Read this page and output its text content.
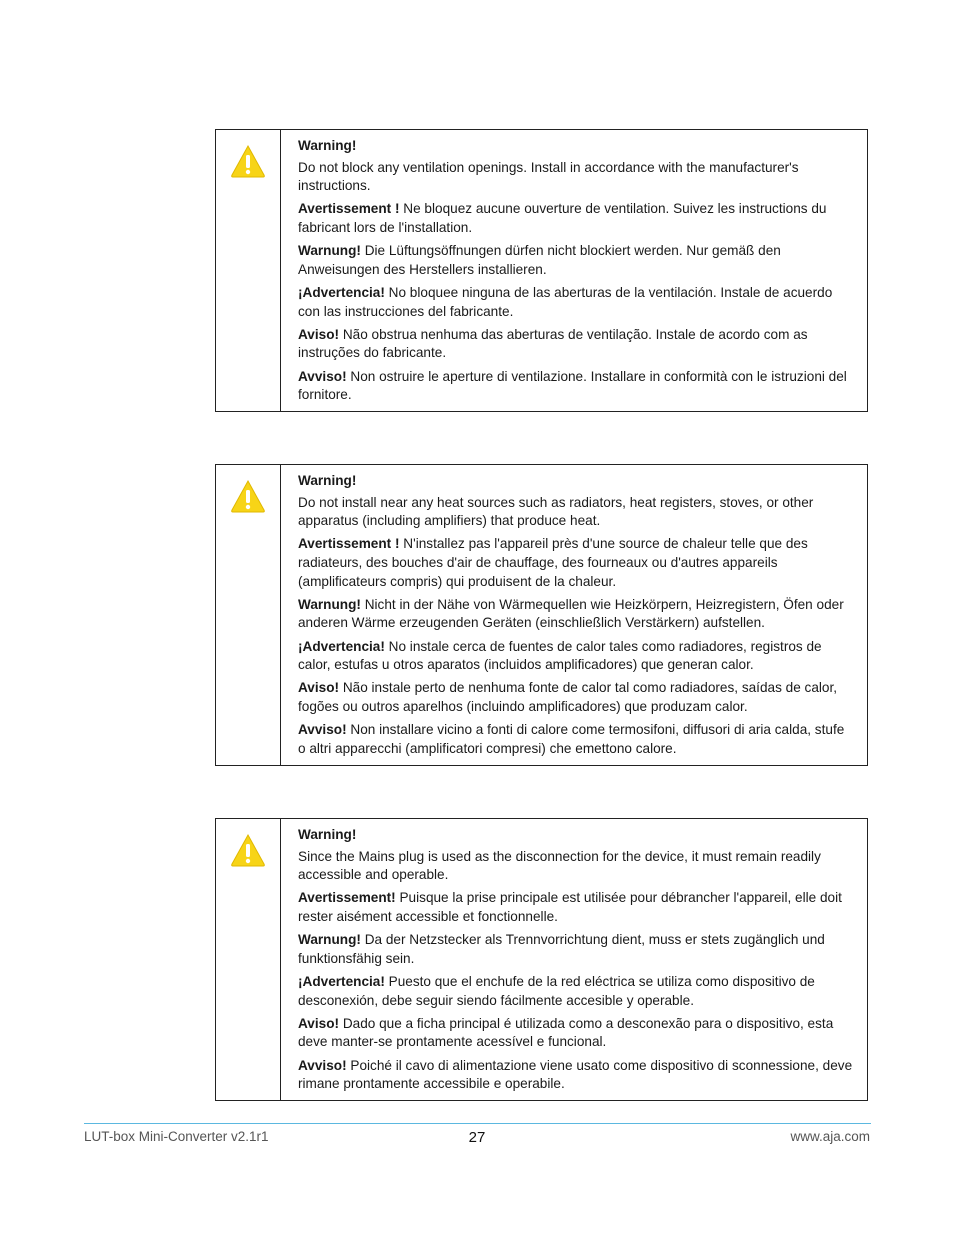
Warning!

Do not block any ventilation openings. Install in accordance with the manufacturer's instructions.

Avertissement ! Ne bloquez aucune ouverture de ventilation. Suivez les instructions du fabricant lors de l'installation.

Warnung! Die Lüftungsöffnungen dürfen nicht blockiert werden. Nur gemäß den Anweisungen des Herstellers installieren.

¡Advertencia! No bloquee ninguna de las aberturas de la ventilación. Instale de acuerdo con las instrucciones del fabricante.

Aviso! Não obstrua nenhuma das aberturas de ventilação. Instale de acordo com as instruções do fabricante.

Avviso! Non ostruire le aperture di ventilazione. Installare in conformità con le istruzioni del fornitore.

Warning!

Do not install near any heat sources such as radiators, heat registers, stoves, or other apparatus (including amplifiers) that produce heat.

Avertissement ! N'installez pas l'appareil près d'une source de chaleur telle que des radiateurs, des bouches d'air de chauffage, des fourneaux ou d'autres appareils (amplificateurs compris) qui produisent de la chaleur.

Warnung! Nicht in der Nähe von Wärmequellen wie Heizkörpern, Heizregistern, Öfen oder anderen Wärme erzeugenden Geräten (einschließlich Verstärkern) aufstellen.

¡Advertencia! No instale cerca de fuentes de calor tales como radiadores, registros de calor, estufas u otros aparatos (incluidos amplificadores) que generan calor.

Aviso! Não instale perto de nenhuma fonte de calor tal como radiadores, saídas de calor, fogões ou outros aparelhos (incluindo amplificadores) que produzam calor.

Avviso! Non installare vicino a fonti di calore come termosifoni, diffusori di aria calda, stufe o altri apparecchi (amplificatori compresi) che emettono calore.

Warning!

Since the Mains plug is used as the disconnection for the device, it must remain readily accessible and operable.

Avertissement! Puisque la prise principale est utilisée pour débrancher l'appareil, elle doit rester aisément accessible et fonctionnelle.

Warnung! Da der Netzstecker als Trennvorrichtung dient, muss er stets zugänglich und funktionsfähig sein.

¡Advertencia! Puesto que el enchufe de la red eléctrica se utiliza como dispositivo de desconexión, debe seguir siendo fácilmente accesible y operable.

Aviso! Dado que a ficha principal é utilizada como a desconexão para o dispositivo, esta deve manter-se prontamente acessível e funcional.

Avviso! Poiché il cavo di alimentazione viene usato come dispositivo di sconnessione, deve rimane prontamente accessibile e operabile.

LUT-box Mini-Converter v2.1r1	27	www.aja.com
